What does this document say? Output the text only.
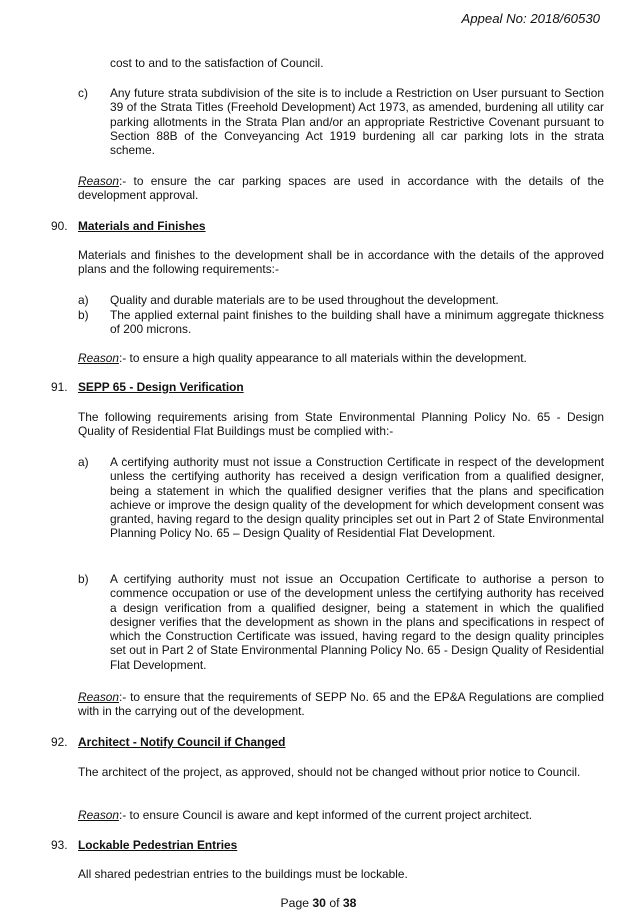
Appeal No: 2018/60530
cost to and to the satisfaction of Council.
c) Any future strata subdivision of the site is to include a Restriction on User pursuant to Section 39 of the Strata Titles (Freehold Development) Act 1973, as amended, burdening all utility car parking allotments in the Strata Plan and/or an appropriate Restrictive Covenant pursuant to Section 88B of the Conveyancing Act 1919 burdening all car parking lots in the strata scheme.
Reason:- to ensure the car parking spaces are used in accordance with the details of the development approval.
90. Materials and Finishes
Materials and finishes to the development shall be in accordance with the details of the approved plans and the following requirements:-
a) Quality and durable materials are to be used throughout the development.
b) The applied external paint finishes to the building shall have a minimum aggregate thickness of 200 microns.
Reason:- to ensure a high quality appearance to all materials within the development.
91. SEPP 65 - Design Verification
The following requirements arising from State Environmental Planning Policy No. 65 - Design Quality of Residential Flat Buildings must be complied with:-
a) A certifying authority must not issue a Construction Certificate in respect of the development unless the certifying authority has received a design verification from a qualified designer, being a statement in which the qualified designer verifies that the plans and specification achieve or improve the design quality of the development for which development consent was granted, having regard to the design quality principles set out in Part 2 of State Environmental Planning Policy No. 65 – Design Quality of Residential Flat Development.
b) A certifying authority must not issue an Occupation Certificate to authorise a person to commence occupation or use of the development unless the certifying authority has received a design verification from a qualified designer, being a statement in which the qualified designer verifies that the development as shown in the plans and specifications in respect of which the Construction Certificate was issued, having regard to the design quality principles set out in Part 2 of State Environmental Planning Policy No. 65 - Design Quality of Residential Flat Development.
Reason:- to ensure that the requirements of SEPP No. 65 and the EP&A Regulations are complied with in the carrying out of the development.
92. Architect - Notify Council if Changed
The architect of the project, as approved, should not be changed without prior notice to Council.
Reason:- to ensure Council is aware and kept informed of the current project architect.
93. Lockable Pedestrian Entries
All shared pedestrian entries to the buildings must be lockable.
Page 30 of 38
